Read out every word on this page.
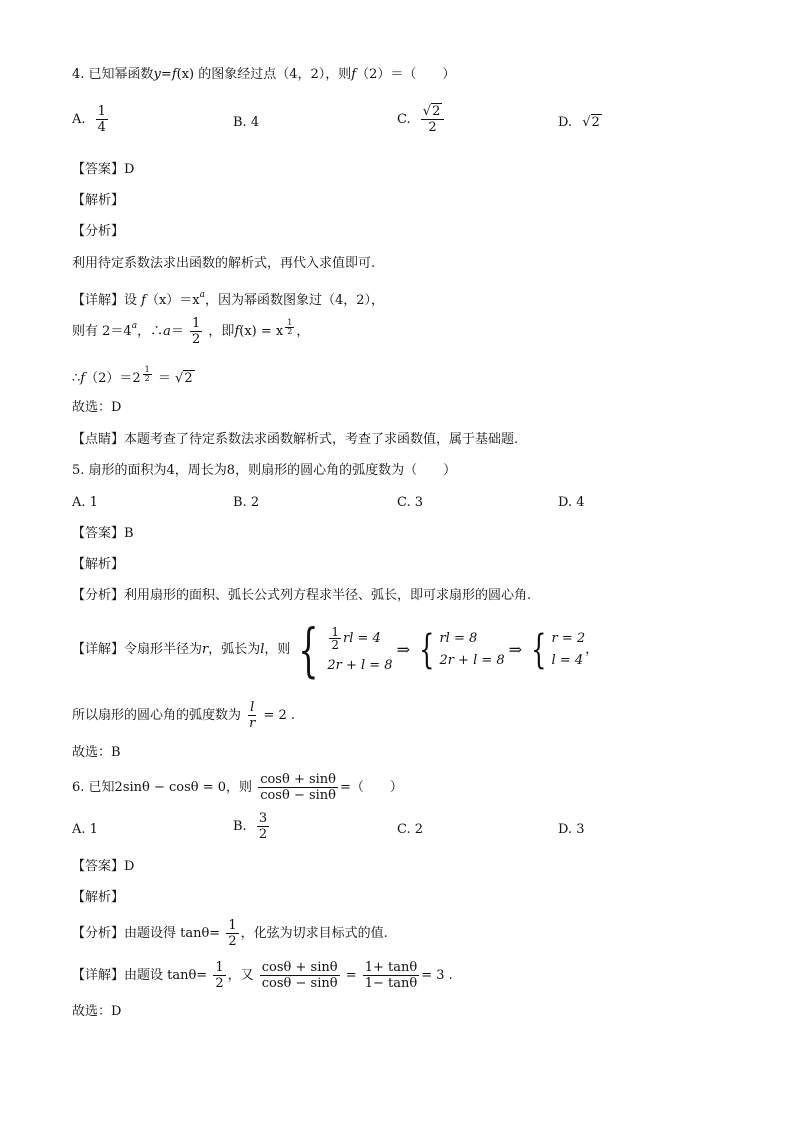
4. 已知幂函数y=f(x) 的图象经过点（4，2），则f（2）＝（　　）
A. $\frac{1}{4}$	B. 4	C. $\frac{√2}{2}$	D. √2
【答案】D
【解析】
【分析】
利用待定系数法求出函数的解析式，再代入求值即可.
【详解】设 $f(x)=x^a$，因为幂函数图象过（4，2），
则有 $2=4^a$，∴a＝ $\frac{1}{2}$ ，即f(x) = x $\frac{1}{2}$ ，
∴f（2）＝2 $\frac{1}{2} = √2$
故选：D
【点睛】本题考查了待定系数法求函数解析式，考查了求函数值，属于基础题.
5. 扇形的面积为4，周长为8，则扇形的圆心角的弧度数为（　　）
A. 1	B. 2	C. 3	D. 4
【答案】B
【解析】
【分析】利用扇形的面积、弧长公式列方程求半径、弧长，即可求扇形的圆心角.
【详解】令扇形半径为 r ，弧长为 l ，则 { $\frac{1}{2}$ rl = 4
2r + l = 8
⇒ { rl = 8
2r + l = 8
⇒ { r = 2
l = 4
，
所以扇形的圆心角的弧度数为 $\frac{l}{r} = 2$ .
故选：B
6. 已知2sinθ − cosθ = 0，则 $\frac{\cos\theta + \sin\theta}{\cos\theta - \sin\theta}$ =（　　）
A. 1	B. $\frac{3}{2}$	C. 2	D. 3
【答案】D
【解析】
【分析】由题设得 $\tan\theta= \frac{1}{2}$ ，化弦为切求目标式的值.
【详解】由题设 $\tan\theta= \frac{1}{2}$ ，又 $\frac{\cos\theta + \sin\theta}{\cos\theta - \sin\theta} = \frac{1+ \tan\theta}{1- \tan\theta} = 3$ .
故选：D
